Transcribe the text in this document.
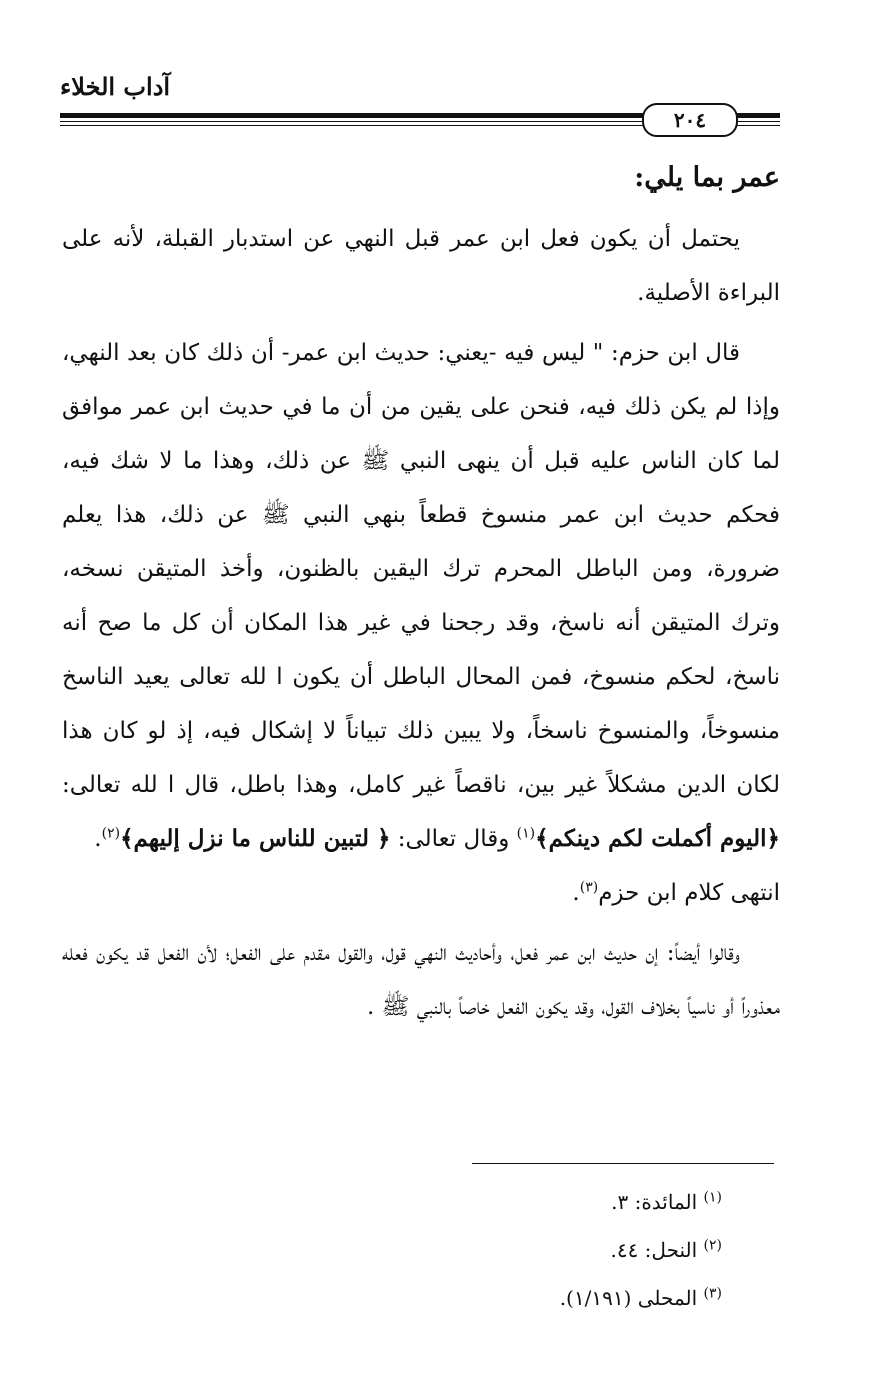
آداب الخلاء
٢٠٤

عمر بما يلي:

يحتمل أن يكون فعل ابن عمر قبل النهي عن استدبار القبلة، لأنه على البراءة الأصلية.

قال ابن حزم: " ليس فيه -يعني: حديث ابن عمر- أن ذلك كان بعد النهي، وإذا لم يكن ذلك فيه، فنحن على يقين من أن ما في حديث ابن عمر موافق لما كان الناس عليه قبل أن ينهى النبي ﷺ عن ذلك، وهذا ما لا شك فيه، فحكم حديث ابن عمر منسوخ قطعاً بنهي النبي ﷺ عن ذلك، هذا يعلم ضرورة، ومن الباطل المحرم ترك اليقين بالظنون، وأخذ المتيقن نسخه، وترك المتيقن أنه ناسخ، وقد رجحنا في غير هذا المكان أن كل ما صح أنه ناسخ، لحكم منسوخ، فمن المحال الباطل أن يكون ا لله تعالى يعيد الناسخ منسوخاً، والمنسوخ ناسخاً، ولا يبين ذلك تبياناً لا إشكال فيه، إذ لو كان هذا لكان الدين مشكلاً غير بين، ناقصاً غير كامل، وهذا باطل، قال ا لله تعالى: ﴿اليوم أكملت لكم دينكم﴾$^{(١)}$ وقال تعالى: ﴿ لتبين للناس ما نزل إليهم﴾$^{(٢)}$.
انتهى كلام ابن حزم$^{(٣)}$.

وقالوا أيضاً: إن حديث ابن عمر فعل، وأحاديث النهي قول، والقول مقدم على الفعل؛ لأن الفعل قد يكون فعله معذوراً أو ناسياً بخلاف القول، وقد يكون الفعل خاصاً بالنبي ﷺ .

$^{(١)}$ المائدة: ٣.

$^{(٢)}$ النحل: ٤٤.

$^{(٣)}$ المحلى (١/١٩١).
